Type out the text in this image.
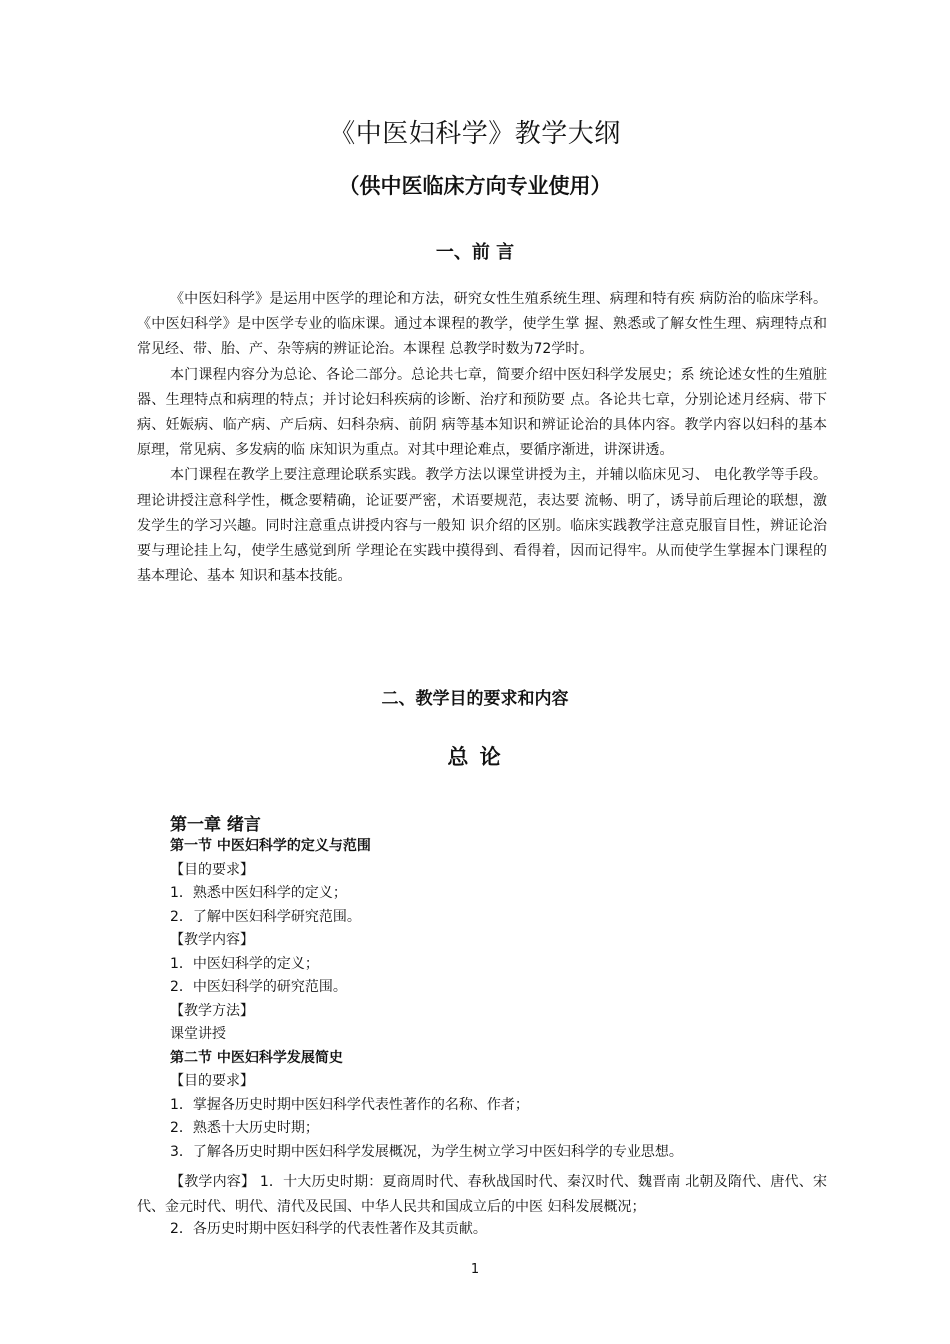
《中医妇科学》教学大纲
（供中医临床方向专业使用）
一、前 言

《中医妇科学》是运用中医学的理论和方法，研究女性生殖系统生理、病理和特有疾 病防治的临床学科。《中医妇科学》是中医学专业的临床课。通过本课程的教学，使学生掌 握、熟悉或了解女性生理、病理特点和常见经、带、胎、产、杂等病的辨证论治。本课程 总教学时数为72学时。

本门课程内容分为总论、各论二部分。总论共七章，简要介绍中医妇科学发展史；系 统论述女性的生殖脏器、生理特点和病理的特点；并讨论妇科疾病的诊断、治疗和预防要 点。各论共七章，分别论述月经病、带下病、妊娠病、临产病、产后病、妇科杂病、前阴 病等基本知识和辨证论治的具体内容。教学内容以妇科的基本原理，常见病、多发病的临 床知识为重点。对其中理论难点，要循序渐进，讲深讲透。

本门课程在教学上要注意理论联系实践。教学方法以课堂讲授为主，并辅以临床见习、 电化教学等手段。理论讲授注意科学性，概念要精确，论证要严密，术语要规范，表达要 流畅、明了，诱导前后理论的联想，激发学生的学习兴趣。同时注意重点讲授内容与一般知 识介绍的区别。临床实践教学注意克服盲目性，辨证论治要与理论挂上勾，使学生感觉到所 学理论在实践中摸得到、看得着，因而记得牢。从而使学生掌握本门课程的基本理论、基本 知识和基本技能。

二、教学目的要求和内容
总 论
第一章 绪言
第一节 中医妇科学的定义与范围
【目的要求】
1．熟悉中医妇科学的定义；
2．了解中医妇科学研究范围。
【教学内容】
1．中医妇科学的定义；
2．中医妇科学的研究范围。
【教学方法】
课堂讲授
第二节 中医妇科学发展简史
【目的要求】
1．掌握各历史时期中医妇科学代表性著作的名称、作者；
2．熟悉十大历史时期；
3．了解各历史时期中医妇科学发展概况，为学生树立学习中医妇科学的专业思想。

【教学内容】 1．十大历史时期：夏商周时代、春秋战国时代、秦汉时代、魏晋南 北朝及隋代、唐代、宋代、金元时代、明代、清代及民国、中华人民共和国成立后的中医 妇科发展概况；

2．各历史时期中医妇科学的代表性著作及其贡献。

1
